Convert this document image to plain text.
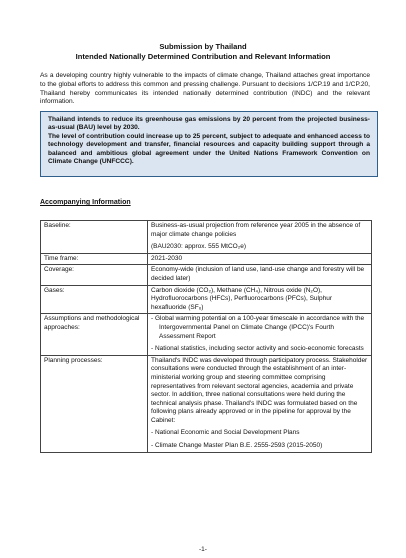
Submission by Thailand
Intended Nationally Determined Contribution and Relevant Information
As a developing country highly vulnerable to the impacts of climate change, Thailand attaches great importance to the global efforts to address this common and pressing challenge. Pursuant to decisions 1/CP.19 and 1/CP.20, Thailand hereby communicates its intended nationally determined contribution (INDC) and the relevant information.

Thailand intends to reduce its greenhouse gas emissions by 20 percent from the projected business-as-usual (BAU) level by 2030.

The level of contribution could increase up to 25 percent, subject to adequate and enhanced access to technology development and transfer, financial resources and capacity building support through a balanced and ambitious global agreement under the United Nations Framework Convention on Climate Change (UNFCCC).

Accompanying Information
Baseline:	Business-as-usual projection from reference year 2005 in the absence of major climate change policies

(BAU2030: approx. 555 MtCO₂e)

Time frame:	2021-2030
Coverage:	Economy-wide (inclusion of land use, land-use change and forestry will be decided later)
Gases:	Carbon dioxide (CO₂), Methane (CH₄), Nitrous oxide (N₂O), Hydrofluorocarbons (HFCs), Perfluorocarbons (PFCs), Sulphur hexafluoride (SF₆)
Assumptions and methodological approaches:	- Global warming potential on a 100-year timescale in accordance with the Intergovernmental Panel on Climate Change (IPCC)'s Fourth Assessment Report

- National statistics, including sector activity and socio-economic forecasts

Planning processes:	Thailand's INDC was developed through participatory process. Stakeholder consultations were conducted through the establishment of an inter-ministerial working group and steering committee comprising representatives from relevant sectoral agencies, academia and private sector. In addition, three national consultations were held during the technical analysis phase. Thailand's INDC was formulated based on the following plans already approved or in the pipeline for approval by the Cabinet:

- National Economic and Social Development Plans

- Climate Change Master Plan B.E. 2555-2593 (2015-2050)

-1-
